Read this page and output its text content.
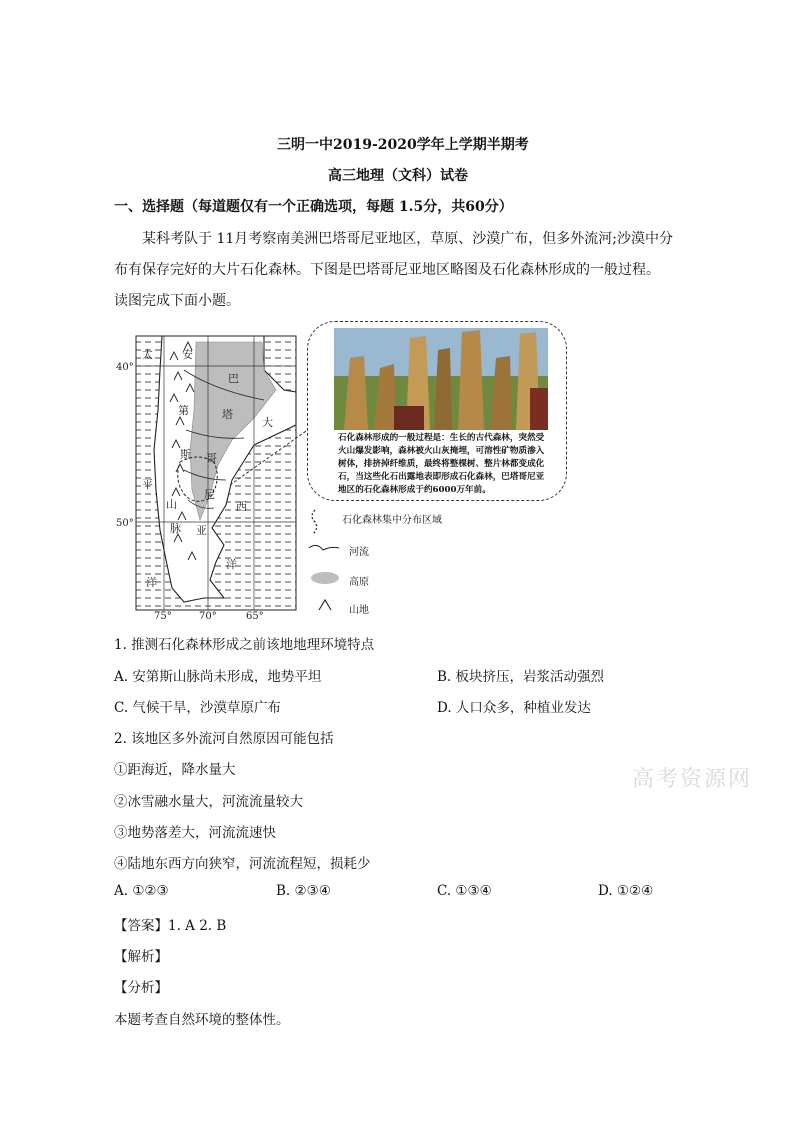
三明一中2019-2020学年上学期半期考
高三地理（文科）试卷
一、选择题（每道题仅有一个正确选项，每题 1.5分，共60分）
某科考队于 11月考察南美洲巴塔哥尼亚地区，草原、沙漠广布，但多外流河;沙漠中分
布有保存完好的大片石化森林。下图是巴塔哥尼亚地区略图及石化森林形成的一般过程。
读图完成下面小题。
40°
50°
75°	70°	65°
太
平
洋
安
第
斯
山
脉
巴
塔
哥
尼
亚
大
西
洋
石化森林形成的一般过程是：生长的古代森林，突然受火山爆发影响，森林被火山灰掩埋，可溶性矿物质渗入树体，排挤掉纤维质，最终将整棵树、整片林都变成化石，当这些化石出露地表即形成石化森林，巴塔哥尼亚地区的石化森林形成于约6000万年前。
石化森林集中分布区域
河流
高原
山地
1. 推测石化森林形成之前该地地理环境特点
A. 安第斯山脉尚未形成，地势平坦	B. 板块挤压，岩浆活动强烈
C. 气候干旱，沙漠草原广布	D. 人口众多，种植业发达
2. 该地区多外流河自然原因可能包括
①距海近，降水量大
②冰雪融水量大，河流流量较大
③地势落差大，河流流速快
④陆地东西方向狭窄，河流流程短，损耗少
A. ①②③	B. ②③④	C. ①③④	D. ①②④
高考资源网
【答案】1. A 2. B
【解析】
【分析】
本题考查自然环境的整体性。
